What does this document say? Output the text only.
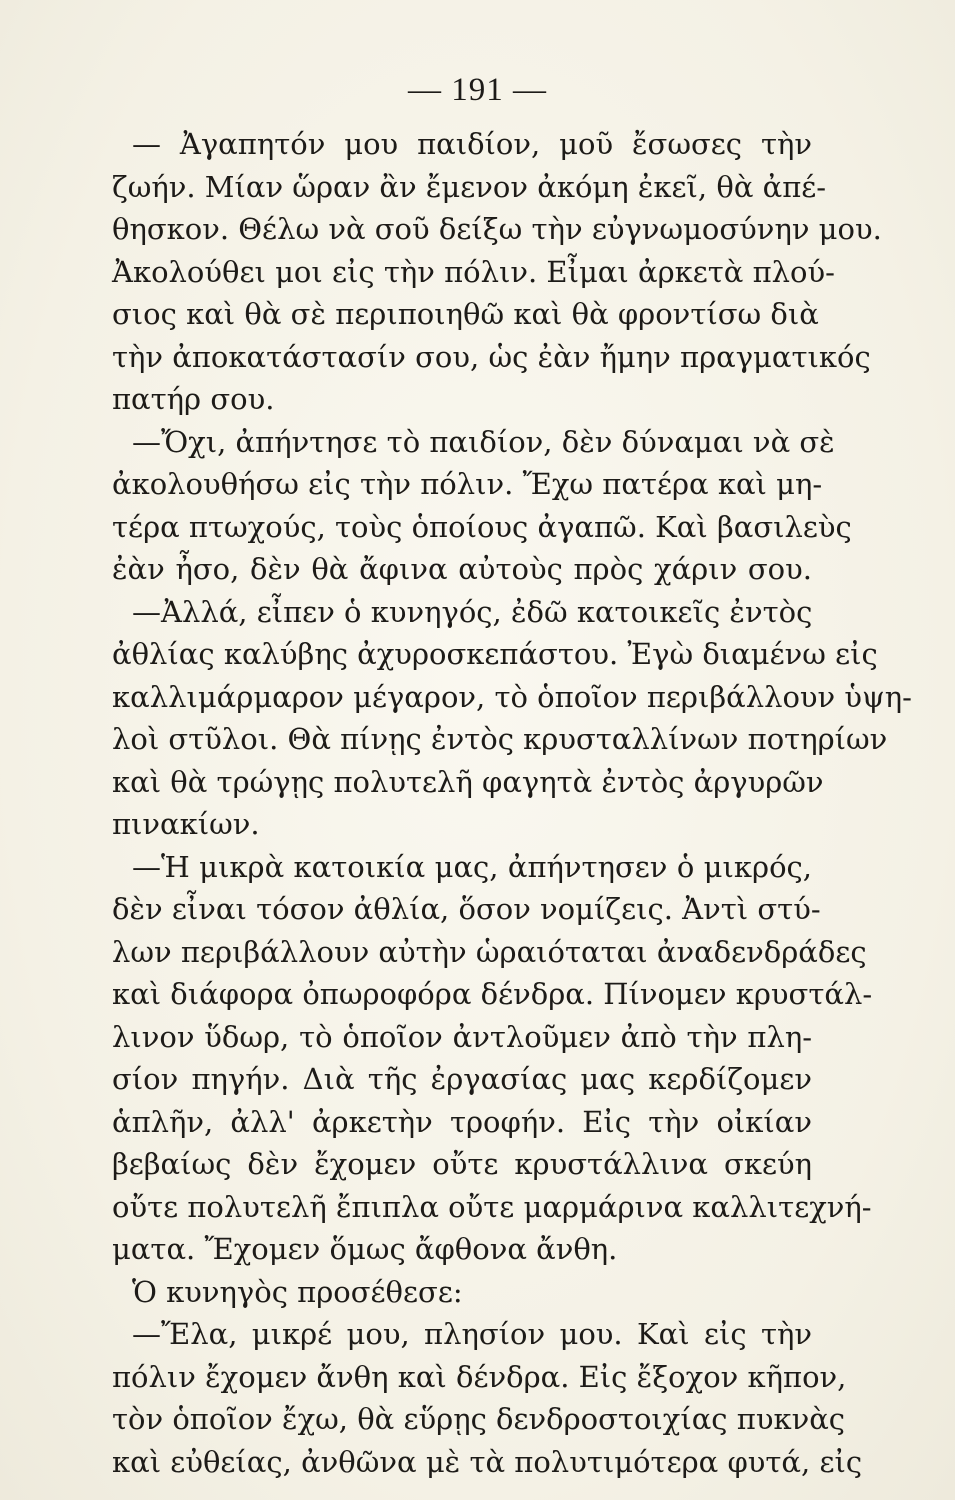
— 191 —
— Ἀγαπητόν μου παιδίον, μοῦ ἔσωσες τὴν
ζωήν. Μίαν ὥραν ἂν ἔμενον ἀκόμη ἐκεῖ, θὰ ἀπέ-
θησκον. Θέλω νὰ σοῦ δείξω τὴν εὐγνωμοσύνην μου.
Ἀκολούθει μοι εἰς τὴν πόλιν. Εἶμαι ἀρκετὰ πλού-
σιος καὶ θὰ σὲ περιποιηθῶ καὶ θὰ φροντίσω διὰ
τὴν ἀποκατάστασίν σου, ὡς ἐὰν ἤμην πραγματικός
πατήρ σου.
—Ὄχι, ἀπήντησε τὸ παιδίον, δὲν δύναμαι νὰ σὲ
ἀκολουθήσω εἰς τὴν πόλιν. Ἔχω πατέρα καὶ μη-
τέρα πτωχούς, τοὺς ὁποίους ἀγαπῶ. Καὶ βασιλεὺς
ἐὰν ἦσο, δὲν θὰ ἄφινα αὐτοὺς πρὸς χάριν σου.
—Ἀλλά, εἶπεν ὁ κυνηγός, ἐδῶ κατοικεῖς ἐντὸς
ἀθλίας καλύβης ἀχυροσκεπάστου. Ἐγὼ διαμένω εἰς
καλλιμάρμαρον μέγαρον, τὸ ὁποῖον περιβάλλουν ὑψη-
λοὶ στῦλοι. Θὰ πίνῃς ἐντὸς κρυσταλλίνων ποτηρίων
καὶ θὰ τρώγῃς πολυτελῆ φαγητὰ ἐντὸς ἀργυρῶν
πινακίων.
—Ἡ μικρὰ κατοικία μας, ἀπήντησεν ὁ μικρός,
δὲν εἶναι τόσον ἀθλία, ὅσον νομίζεις. Ἀντὶ στύ-
λων περιβάλλουν αὐτὴν ὡραιόταται ἀναδενδράδες
καὶ διάφορα ὀπωροφόρα δένδρα. Πίνομεν κρυστάλ-
λινον ὕδωρ, τὸ ὁποῖον ἀντλοῦμεν ἀπὸ τὴν πλη-
σίον πηγήν. Διὰ τῆς ἐργασίας μας κερδίζομεν
ἁπλῆν, ἀλλ' ἀρκετὴν τροφήν. Εἰς τὴν οἰκίαν
βεβαίως δὲν ἔχομεν οὔτε κρυστάλλινα σκεύη
οὔτε πολυτελῆ ἔπιπλα οὔτε μαρμάρινα καλλιτεχνή-
ματα. Ἔχομεν ὅμως ἄφθονα ἄνθη.
Ὁ κυνηγὸς προσέθεσε:
—Ἔλα, μικρέ μου, πλησίον μου. Καὶ εἰς τὴν
πόλιν ἔχομεν ἄνθη καὶ δένδρα. Εἰς ἔξοχον κῆπον,
τὸν ὁποῖον ἔχω, θὰ εὕρῃς δενδροστοιχίας πυκνὰς
καὶ εὐθείας, ἀνθῶνα μὲ τὰ πολυτιμότερα φυτά, εἰς
